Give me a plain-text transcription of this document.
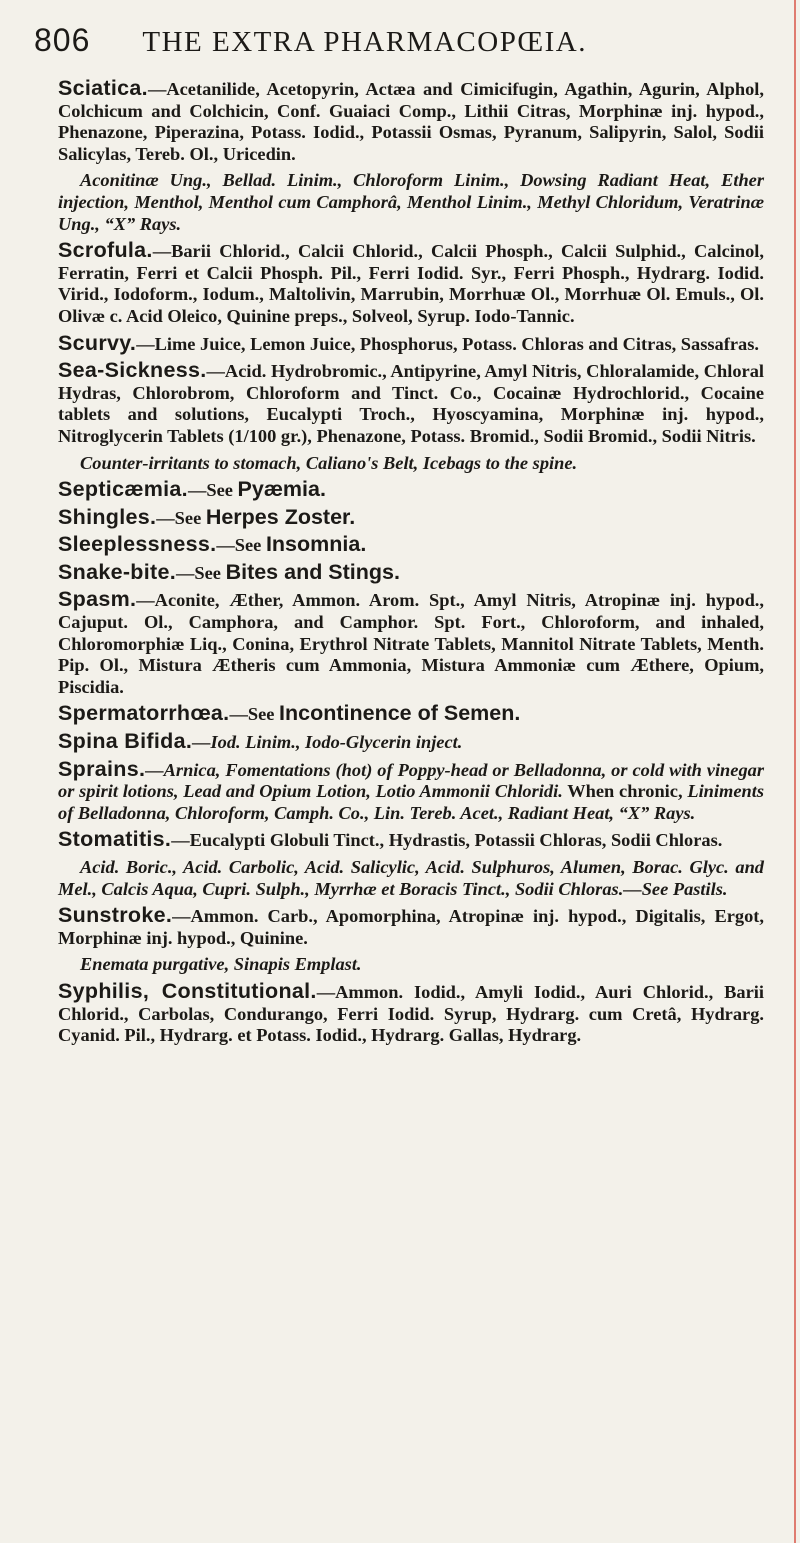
806 THE EXTRA PHARMACOPŒIA.

Sciatica.—Acetanilide, Acetopyrin, Actæa and Cimicifugin, Agathin, Agurin, Alphol, Colchicum and Colchicin, Conf. Guaiaci Comp., Lithii Citras, Morphinæ inj. hypod., Phenazone, Piperazina, Potass. Iodid., Potassii Osmas, Pyranum, Salipyrin, Salol, Sodii Salicylas, Tereb. Ol., Uricedin.

Aconitinæ Ung., Bellad. Linim., Chloroform Linim., Dowsing Radiant Heat, Ether injection, Menthol, Menthol cum Camphorâ, Menthol Linim., Methyl Chloridum, Veratrinæ Ung., “X” Rays.

Scrofula.—Barii Chlorid., Calcii Chlorid., Calcii Phosph., Calcii Sulphid., Calcinol, Ferratin, Ferri et Calcii Phosph. Pil., Ferri Iodid. Syr., Ferri Phosph., Hydrarg. Iodid. Virid., Iodoform., Iodum., Maltolivin, Marrubin, Morrhuæ Ol., Morrhuæ Ol. Emuls., Ol. Olivæ c. Acid Oleico, Quinine preps., Solveol, Syrup. Iodo-Tannic.

Scurvy.—Lime Juice, Lemon Juice, Phosphorus, Potass. Chloras and Citras, Sassafras.

Sea-Sickness.—Acid. Hydrobromic., Antipyrine, Amyl Nitris, Chloralamide, Chloral Hydras, Chlorobrom, Chloroform and Tinct. Co., Cocainæ Hydrochlorid., Cocaine tablets and solutions, Eucalypti Troch., Hyoscyamina, Morphinæ inj. hypod., Nitroglycerin Tablets (1/100 gr.), Phenazone, Potass. Bromid., Sodii Bromid., Sodii Nitris.

Counter-irritants to stomach, Caliano's Belt, Icebags to the spine.

Septicæmia.—See Pyæmia.

Shingles.—See Herpes Zoster.

Sleeplessness.—See Insomnia.

Snake-bite.—See Bites and Stings.

Spasm.—Aconite, Æther, Ammon. Arom. Spt., Amyl Nitris, Atropinæ inj. hypod., Cajuput. Ol., Camphora, and Camphor. Spt. Fort., Chloroform, and inhaled, Chloromorphiæ Liq., Conina, Erythrol Nitrate Tablets, Mannitol Nitrate Tablets, Menth. Pip. Ol., Mistura Ætheris cum Ammonia, Mistura Ammoniæ cum Æthere, Opium, Piscidia.

Spermatorrhœa.—See Incontinence of Semen.

Spina Bifida.—Iod. Linim., Iodo-Glycerin inject.

Sprains.—Arnica, Fomentations (hot) of Poppy-head or Belladonna, or cold with vinegar or spirit lotions, Lead and Opium Lotion, Lotio Ammonii Chloridi. When chronic, Liniments of Belladonna, Chloroform, Camph. Co., Lin. Tereb. Acet., Radiant Heat, “X” Rays.

Stomatitis.—Eucalypti Globuli Tinct., Hydrastis, Potassii Chloras, Sodii Chloras.

Acid. Boric., Acid. Carbolic, Acid. Salicylic, Acid. Sulphuros, Alumen, Borac. Glyc. and Mel., Calcis Aqua, Cupri. Sulph., Myrrhæ et Boracis Tinct., Sodii Chloras.—See Pastils.

Sunstroke.—Ammon. Carb., Apomorphina, Atropinæ inj. hypod., Digitalis, Ergot, Morphinæ inj. hypod., Quinine.

Enemata purgative, Sinapis Emplast.

Syphilis, Constitutional.—Ammon. Iodid., Amyli Iodid., Auri Chlorid., Barii Chlorid., Carbolas, Condurango, Ferri Iodid. Syrup, Hydrarg. cum Cretâ, Hydrarg. Cyanid. Pil., Hydrarg. et Potass. Iodid., Hydrarg. Gallas, Hydrarg.
